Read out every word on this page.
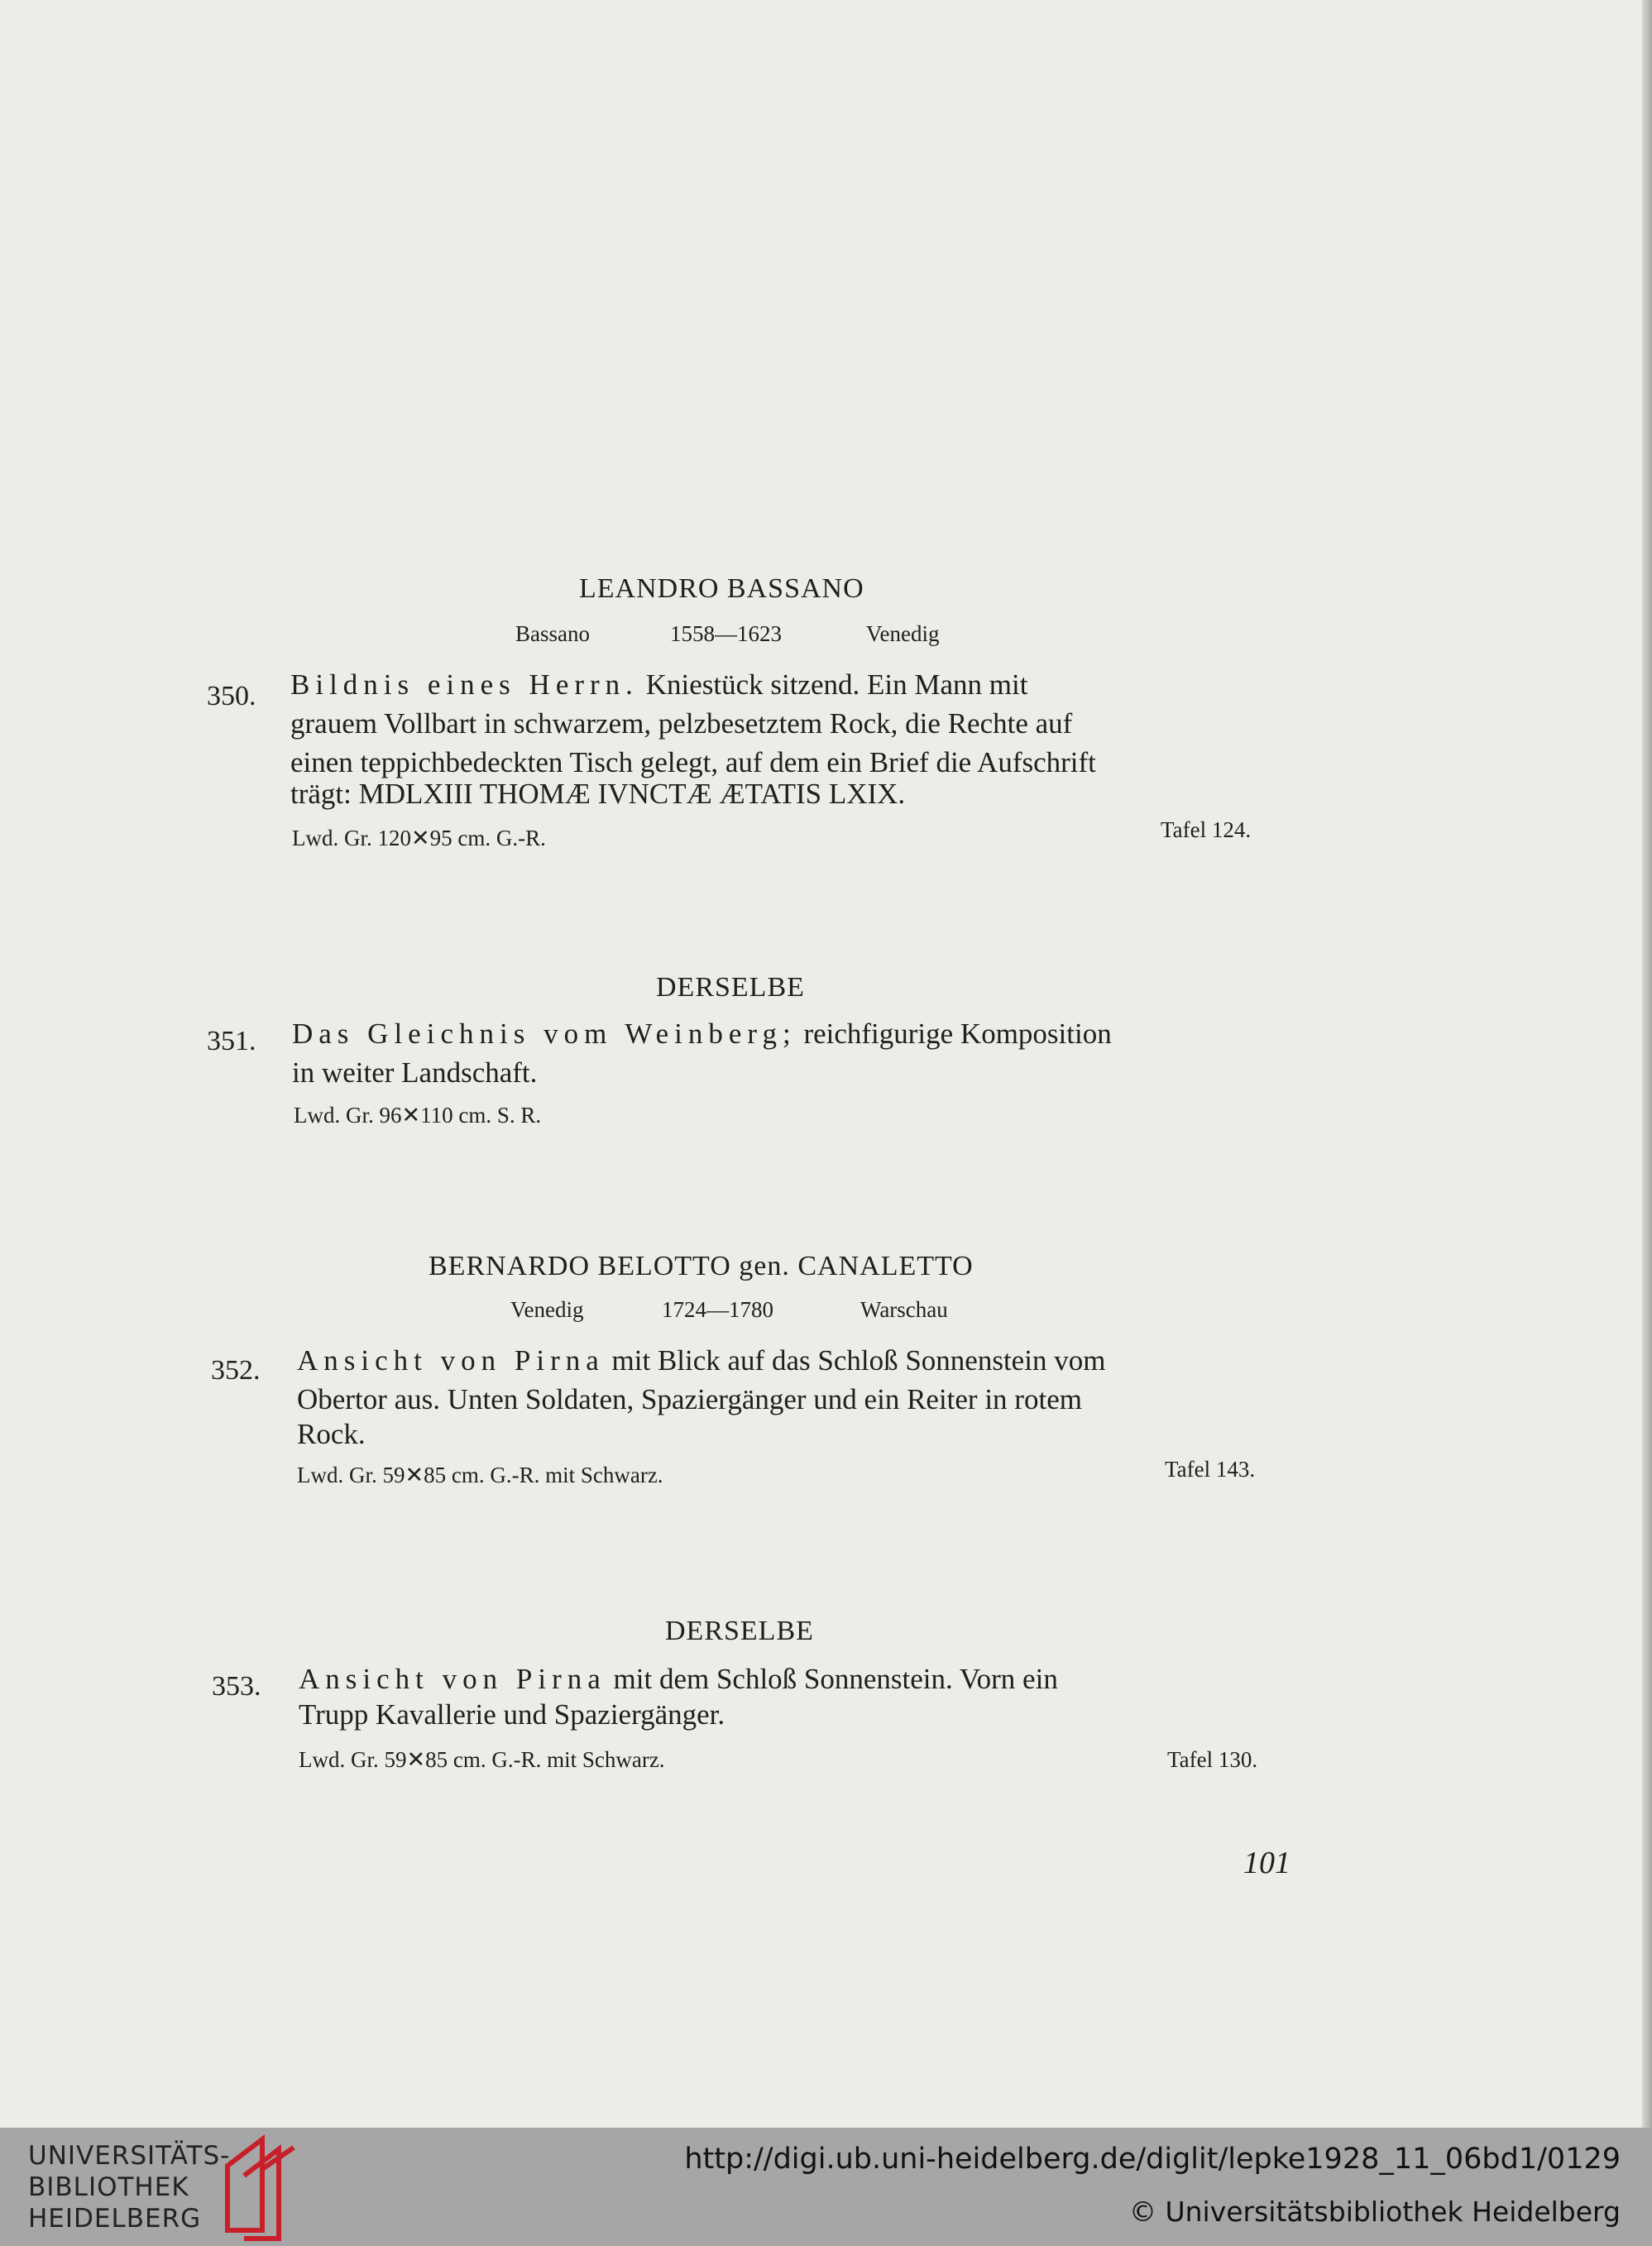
LEANDRO BASSANO
Bassano	1558—1623	Venedig
350. Bildnis eines Herrn. Kniestück sitzend. Ein Mann mit
grauem Vollbart in schwarzem, pelzbesetztem Rock, die Rechte auf
einen teppichbedeckten Tisch gelegt, auf dem ein Brief die Aufschrift
trägt: MDLXIII THOMÆ IVNCTÆ ÆTATIS LXIX.
Lwd. Gr. 120✕95 cm. G.-R.	Tafel 124.
DERSELBE
351. Das Gleichnis vom Weinberg; reichfigurige Komposition
in weiter Landschaft.
Lwd. Gr. 96✕110 cm. S. R.
BERNARDO BELOTTO gen. CANALETTO
Venedig	1724—1780	Warschau
352. Ansicht von Pirna mit Blick auf das Schloß Sonnenstein vom
Obertor aus. Unten Soldaten, Spaziergänger und ein Reiter in rotem
Rock.
Lwd. Gr. 59✕85 cm. G.-R. mit Schwarz.	Tafel 143.
DERSELBE
353. Ansicht von Pirna mit dem Schloß Sonnenstein. Vorn ein
Trupp Kavallerie und Spaziergänger.
Lwd. Gr. 59✕85 cm. G.-R. mit Schwarz.	Tafel 130.
101
UNIVERSITÄTS-
BIBLIOTHEK
HEIDELBERG
http://digi.ub.uni-heidelberg.de/diglit/lepke1928_11_06bd1/0129
© Universitätsbibliothek Heidelberg
